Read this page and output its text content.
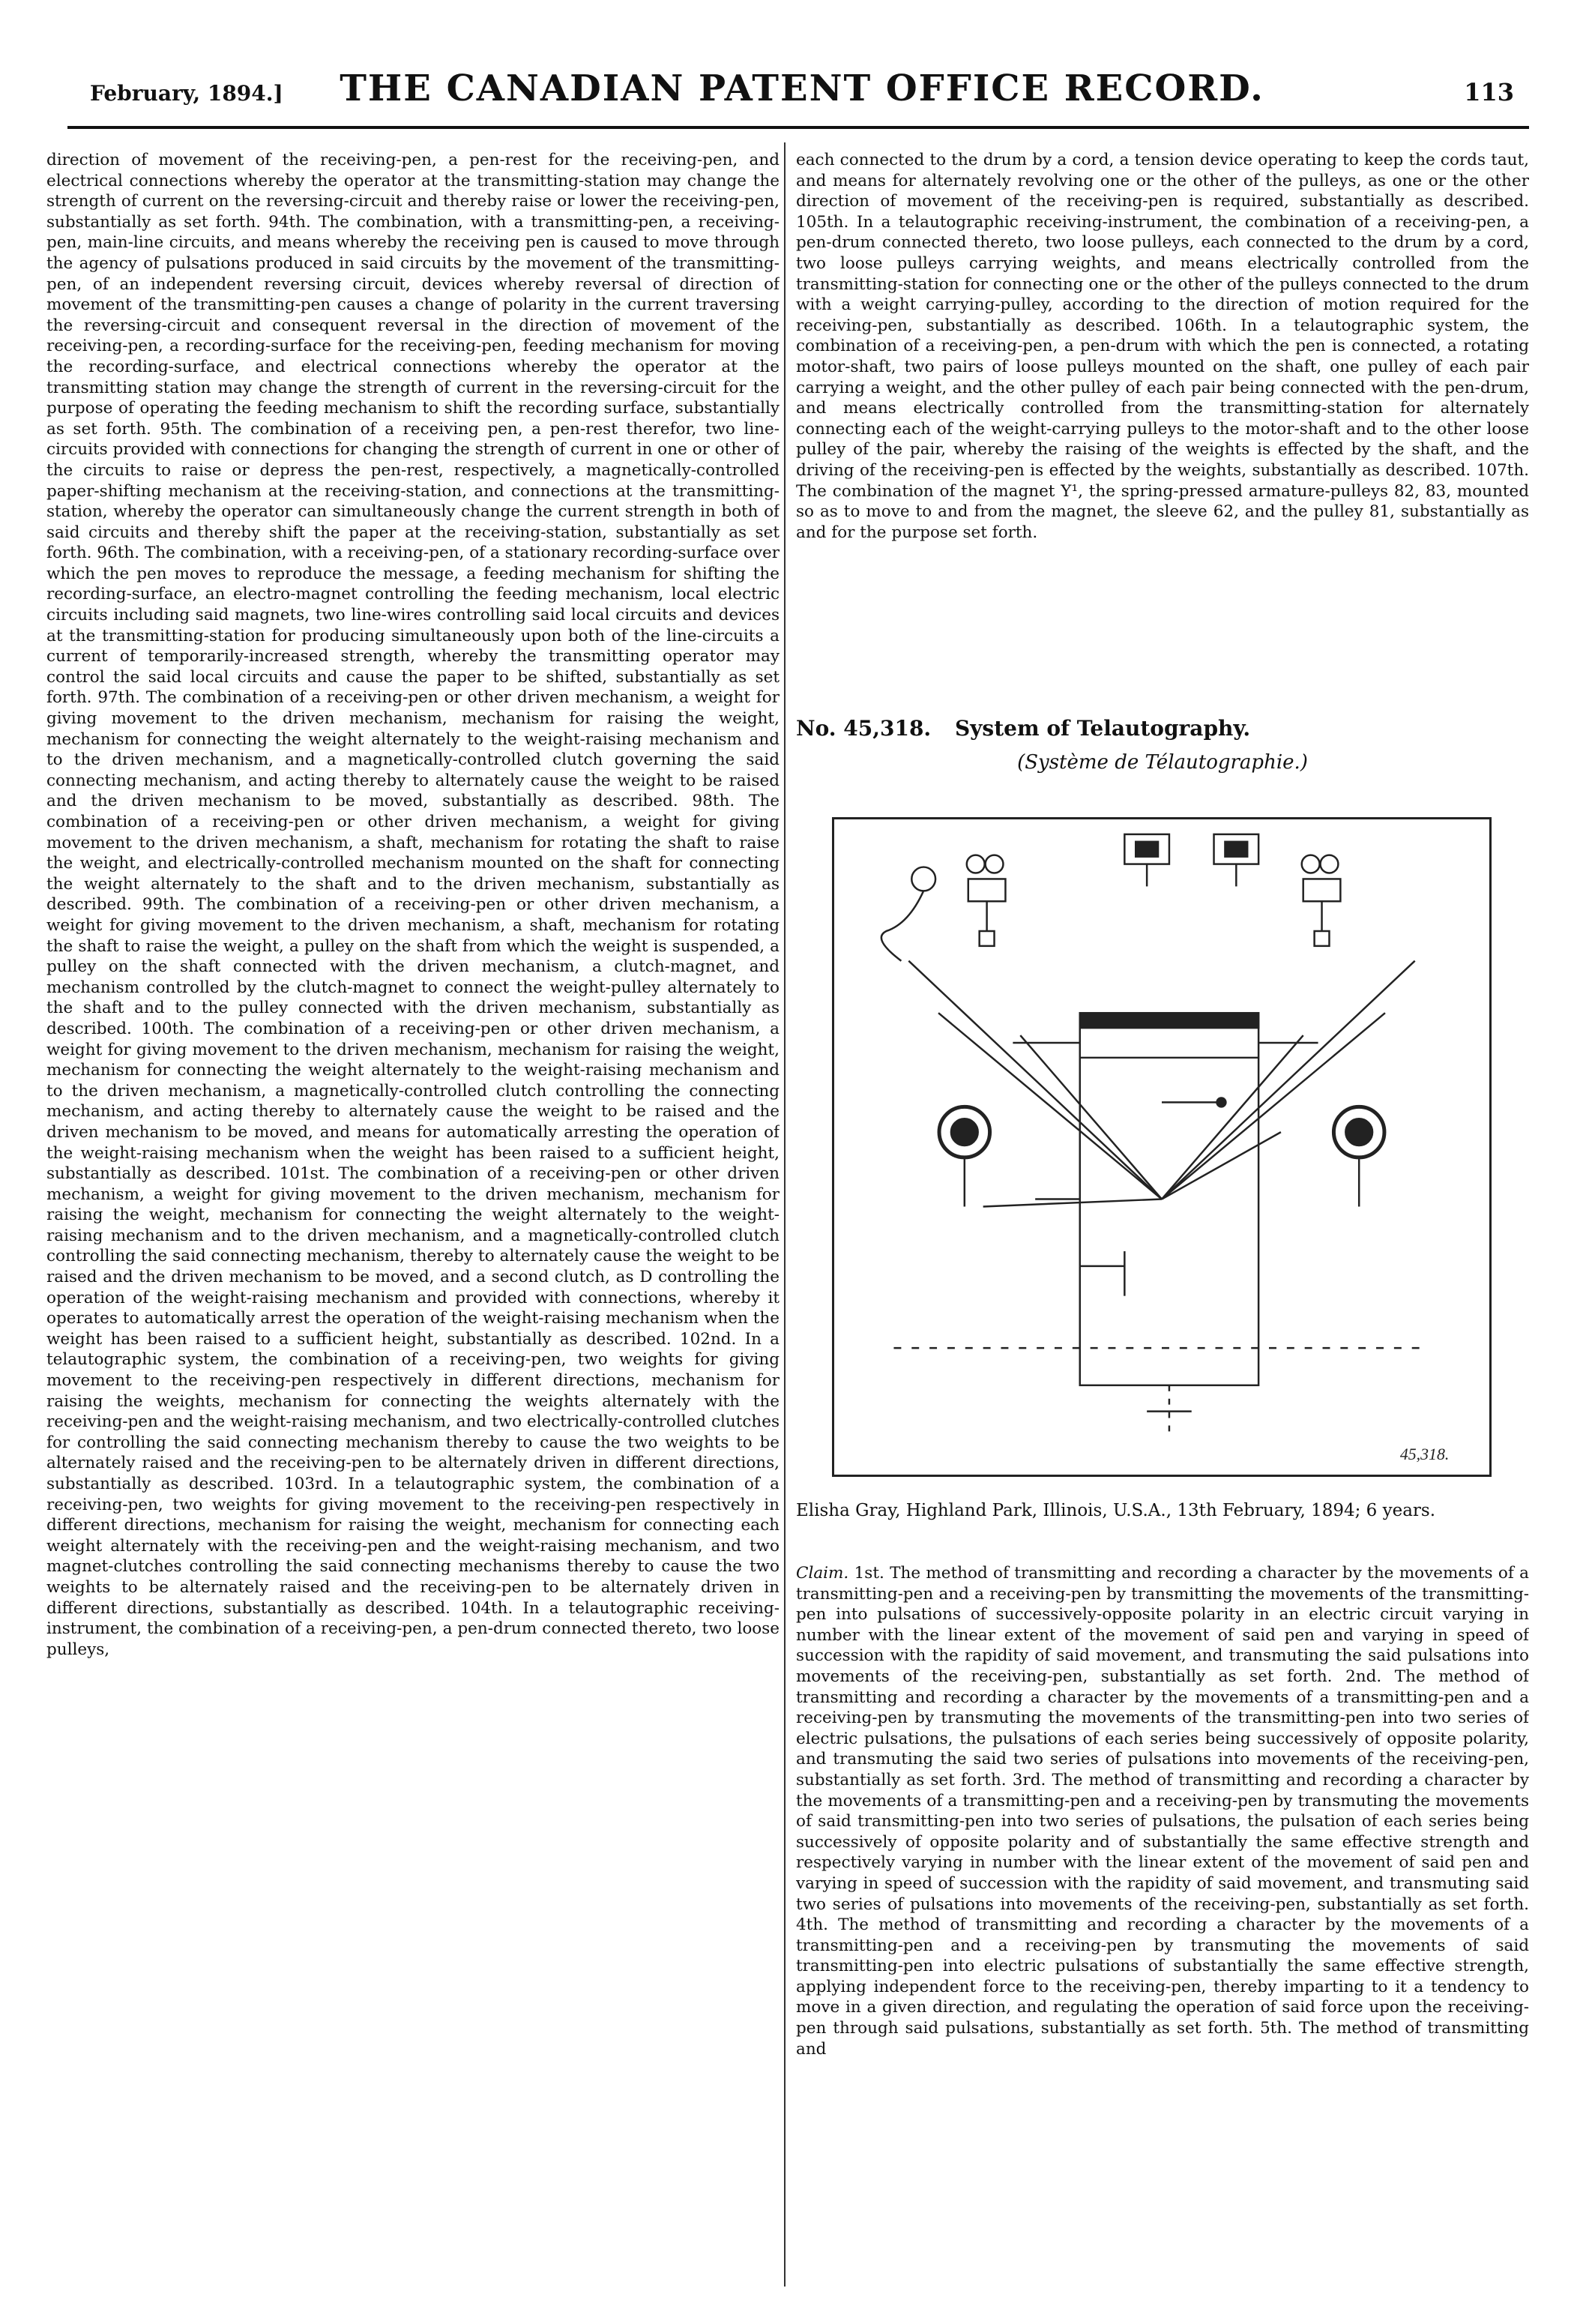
February, 1894.]	THE CANADIAN PATENT OFFICE RECORD.	113
direction of movement of the receiving-pen, a pen-rest for the receiving-pen, and electrical connections whereby the operator at the transmitting-station may change the strength of current on the reversing-circuit and thereby raise or lower the receiving-pen, substantially as set forth. 94th. The combination, with a transmitting-pen, a receiving-pen, main-line circuits, and means whereby the receiving pen is caused to move through the agency of pulsations produced in said circuits by the movement of the transmitting-pen, of an independent reversing circuit, devices whereby reversal of direction of movement of the transmitting-pen causes a change of polarity in the current traversing the reversing-circuit and consequent reversal in the direction of movement of the receiving-pen, a recording-surface for the receiving-pen, feeding mechanism for moving the recording-surface, and electrical connections whereby the operator at the transmitting station may change the strength of current in the reversing-circuit for the purpose of operating the feeding mechanism to shift the recording surface, substantially as set forth. 95th. The combination of a receiving pen, a pen-rest therefor, two line-circuits provided with connections for changing the strength of current in one or other of the circuits to raise or depress the pen-rest, respectively, a magnetically-controlled paper-shifting mechanism at the receiving-station, and connections at the transmitting-station, whereby the operator can simultaneously change the current strength in both of said circuits and thereby shift the paper at the receiving-station, substantially as set forth. 96th. The combination, with a receiving-pen, of a stationary recording-surface over which the pen moves to reproduce the message, a feeding mechanism for shifting the recording-surface, an electro-magnet controlling the feeding mechanism, local electric circuits including said magnets, two line-wires controlling said local circuits and devices at the transmitting-station for producing simultaneously upon both of the line-circuits a current of temporarily-increased strength, whereby the transmitting operator may control the said local circuits and cause the paper to be shifted, substantially as set forth. 97th. The combination of a receiving-pen or other driven mechanism, a weight for giving movement to the driven mechanism, mechanism for raising the weight, mechanism for connecting the weight alternately to the weight-raising mechanism and to the driven mechanism, and a magnetically-controlled clutch governing the said connecting mechanism, and acting thereby to alternately cause the weight to be raised and the driven mechanism to be moved, substantially as described. 98th. The combination of a receiving-pen or other driven mechanism, a weight for giving movement to the driven mechanism, a shaft, mechanism for rotating the shaft to raise the weight, and electrically-controlled mechanism mounted on the shaft for connecting the weight alternately to the shaft and to the driven mechanism, substantially as described. 99th. The combination of a receiving-pen or other driven mechanism, a weight for giving movement to the driven mechanism, a shaft, mechanism for rotating the shaft to raise the weight, a pulley on the shaft from which the weight is suspended, a pulley on the shaft connected with the driven mechanism, a clutch-magnet, and mechanism controlled by the clutch-magnet to connect the weight-pulley alternately to the shaft and to the pulley connected with the driven mechanism, substantially as described. 100th. The combination of a receiving-pen or other driven mechanism, a weight for giving movement to the driven mechanism, mechanism for raising the weight, mechanism for connecting the weight alternately to the weight-raising mechanism and to the driven mechanism, a magnetically-controlled clutch controlling the connecting mechanism, and acting thereby to alternately cause the weight to be raised and the driven mechanism to be moved, and means for automatically arresting the operation of the weight-raising mechanism when the weight has been raised to a sufficient height, substantially as described. 101st. The combination of a receiving-pen or other driven mechanism, a weight for giving movement to the driven mechanism, mechanism for raising the weight, mechanism for connecting the weight alternately to the weight-raising mechanism and to the driven mechanism, and a magnetically-controlled clutch controlling the said connecting mechanism, thereby to alternately cause the weight to be raised and the driven mechanism to be moved, and a second clutch, as D controlling the operation of the weight-raising mechanism and provided with connections, whereby it operates to automatically arrest the operation of the weight-raising mechanism when the weight has been raised to a sufficient height, substantially as described. 102nd. In a telautographic system, the combination of a receiving-pen, two weights for giving movement to the receiving-pen respectively in different directions, mechanism for raising the weights, mechanism for connecting the weights alternately with the receiving-pen and the weight-raising mechanism, and two electrically-controlled clutches for controlling the said connecting mechanism thereby to cause the two weights to be alternately raised and the receiving-pen to be alternately driven in different directions, substantially as described. 103rd. In a telautographic system, the combination of a receiving-pen, two weights for giving movement to the receiving-pen respectively in different directions, mechanism for raising the weight, mechanism for connecting each weight alternately with the receiving-pen and the weight-raising mechanism, and two magnet-clutches controlling the said connecting mechanisms thereby to cause the two weights to be alternately raised and the receiving-pen to be alternately driven in different directions, substantially as described. 104th. In a telautographic receiving-instrument, the combination of a receiving-pen, a pen-drum connected thereto, two loose pulleys,
each connected to the drum by a cord, a tension device operating to keep the cords taut, and means for alternately revolving one or the other of the pulleys, as one or the other direction of movement of the receiving-pen is required, substantially as described. 105th. In a telautographic receiving-instrument, the combination of a receiving-pen, a pen-drum connected thereto, two loose pulleys, each connected to the drum by a cord, two loose pulleys carrying weights, and means electrically controlled from the transmitting-station for connecting one or the other of the pulleys connected to the drum with a weight carrying-pulley, according to the direction of motion required for the receiving-pen, substantially as described. 106th. In a telautographic system, the combination of a receiving-pen, a pen-drum with which the pen is connected, a rotating motor-shaft, two pairs of loose pulleys mounted on the shaft, one pulley of each pair carrying a weight, and the other pulley of each pair being connected with the pen-drum, and means electrically controlled from the transmitting-station for alternately connecting each of the weight-carrying pulleys to the motor-shaft and to the other loose pulley of the pair, whereby the raising of the weights is effected by the shaft, and the driving of the receiving-pen is effected by the weights, substantially as described. 107th. The combination of the magnet Y¹, the spring-pressed armature-pulleys 82, 83, mounted so as to move to and from the magnet, the sleeve 62, and the pulley 81, substantially as and for the purpose set forth.
No. 45,318. System of Telautography.
(Système de Télautographie.)
45,318.
Elisha Gray, Highland Park, Illinois, U.S.A., 13th February, 1894; 6 years.
Claim. 1st. The method of transmitting and recording a character by the movements of a transmitting-pen and a receiving-pen by transmitting the movements of the transmitting-pen into pulsations of successively-opposite polarity in an electric circuit varying in number with the linear extent of the movement of said pen and varying in speed of succession with the rapidity of said movement, and transmuting the said pulsations into movements of the receiving-pen, substantially as set forth. 2nd. The method of transmitting and recording a character by the movements of a transmitting-pen and a receiving-pen by transmuting the movements of the transmitting-pen into two series of electric pulsations, the pulsations of each series being successively of opposite polarity, and transmuting the said two series of pulsations into movements of the receiving-pen, substantially as set forth. 3rd. The method of transmitting and recording a character by the movements of a transmitting-pen and a receiving-pen by transmuting the movements of said transmitting-pen into two series of pulsations, the pulsation of each series being successively of opposite polarity and of substantially the same effective strength and respectively varying in number with the linear extent of the movement of said pen and varying in speed of succession with the rapidity of said movement, and transmuting said two series of pulsations into movements of the receiving-pen, substantially as set forth. 4th. The method of transmitting and recording a character by the movements of a transmitting-pen and a receiving-pen by transmuting the movements of said transmitting-pen into electric pulsations of substantially the same effective strength, applying independent force to the receiving-pen, thereby imparting to it a tendency to move in a given direction, and regulating the operation of said force upon the receiving-pen through said pulsations, substantially as set forth. 5th. The method of transmitting and
